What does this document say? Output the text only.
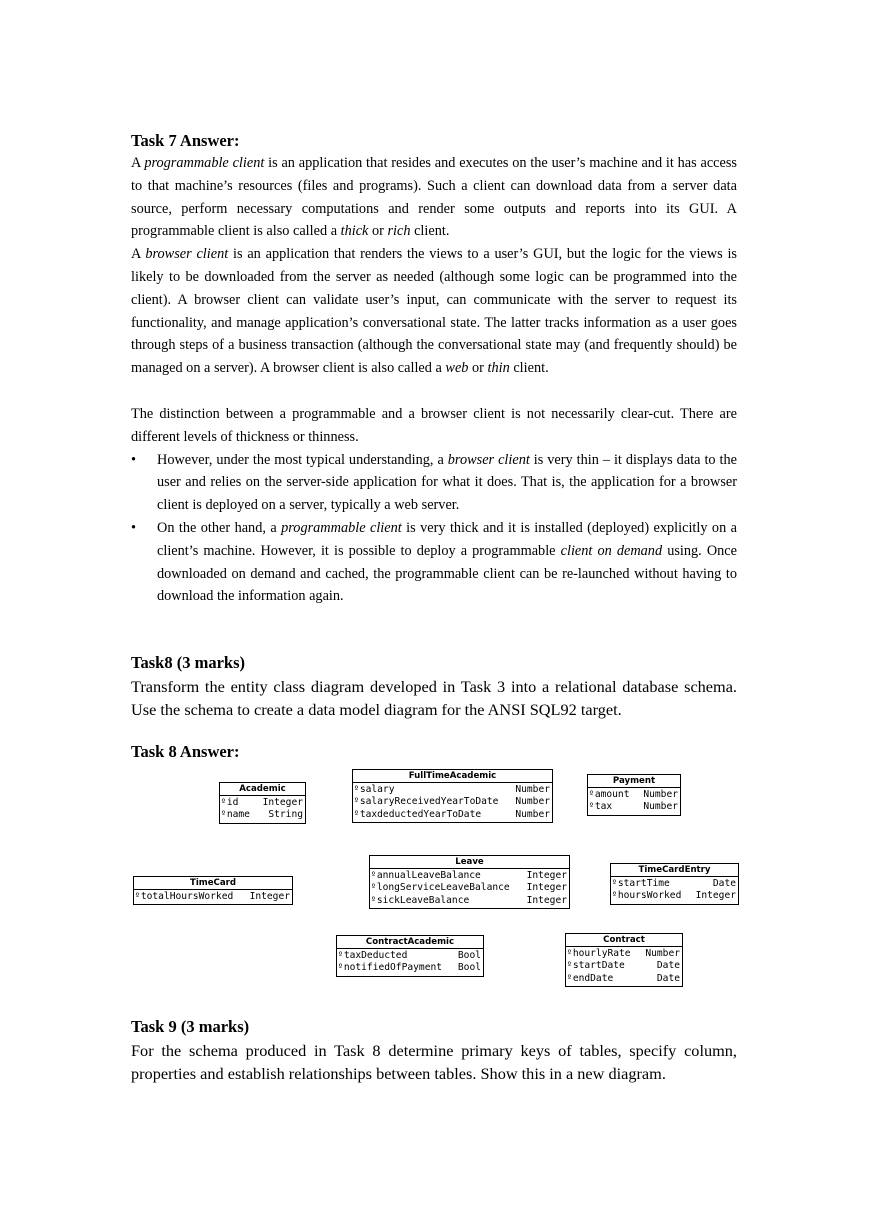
Task 7 Answer:

A programmable client is an application that resides and executes on the user’s machine and it has access to that machine’s resources (files and programs). Such a client can download data from a server data source, perform necessary computations and render some outputs and reports into its GUI. A programmable client is also called a thick or rich client.

A browser client is an application that renders the views to a user’s GUI, but the logic for the views is likely to be downloaded from the server as needed (although some logic can be programmed into the client). A browser client can validate user’s input, can communicate with the server to request its functionality, and manage application’s conversational state. The latter tracks information as a user goes through steps of a business transaction (although the conversational state may (and frequently should) be managed on a server). A browser client is also called a web or thin client.

The distinction between a programmable and a browser client is not necessarily clear-cut. There are different levels of thickness or thinness.

• However, under the most typical understanding, a browser client is very thin – it displays data to the user and relies on the server-side application for what it does. That is, the application for a browser client is deployed on a server, typically a web server.
• On the other hand, a programmable client is very thick and it is installed (deployed) explicitly on a client’s machine. However, it is possible to deploy a programmable client on demand using. Once downloaded on demand and cached, the programmable client can be re-launched without having to download the information again.

Task8 (3 marks)

Transform the entity class diagram developed in Task 3 into a relational database schema. Use the schema to create a data model diagram for the ANSI SQL92 target.

Task 8 Answer:

Academic
º id	Integer
º name String
FullTimeAcademic
º salary	Number
º salaryReceivedYearToDate Number
º taxdeductedYearToDate	Number
Payment
º amount Number
º tax	Number
TimeCard
º totalHoursWorked Integer
Leave
º annualLeaveBalance	Integer
º longServiceLeaveBalance Integer
º sickLeaveBalance	Integer
TimeCardEntry
º startTime	Date
º hoursWorked Integer
ContractAcademic
º taxDeducted	Bool
º notifiedOfPayment Bool
Contract
º hourlyRate Number
º startDate	Date
º endDate	Date

Task 9 (3 marks)

For the schema produced in Task 8 determine primary keys of tables, specify column, properties and establish relationships between tables. Show this in a new diagram.
